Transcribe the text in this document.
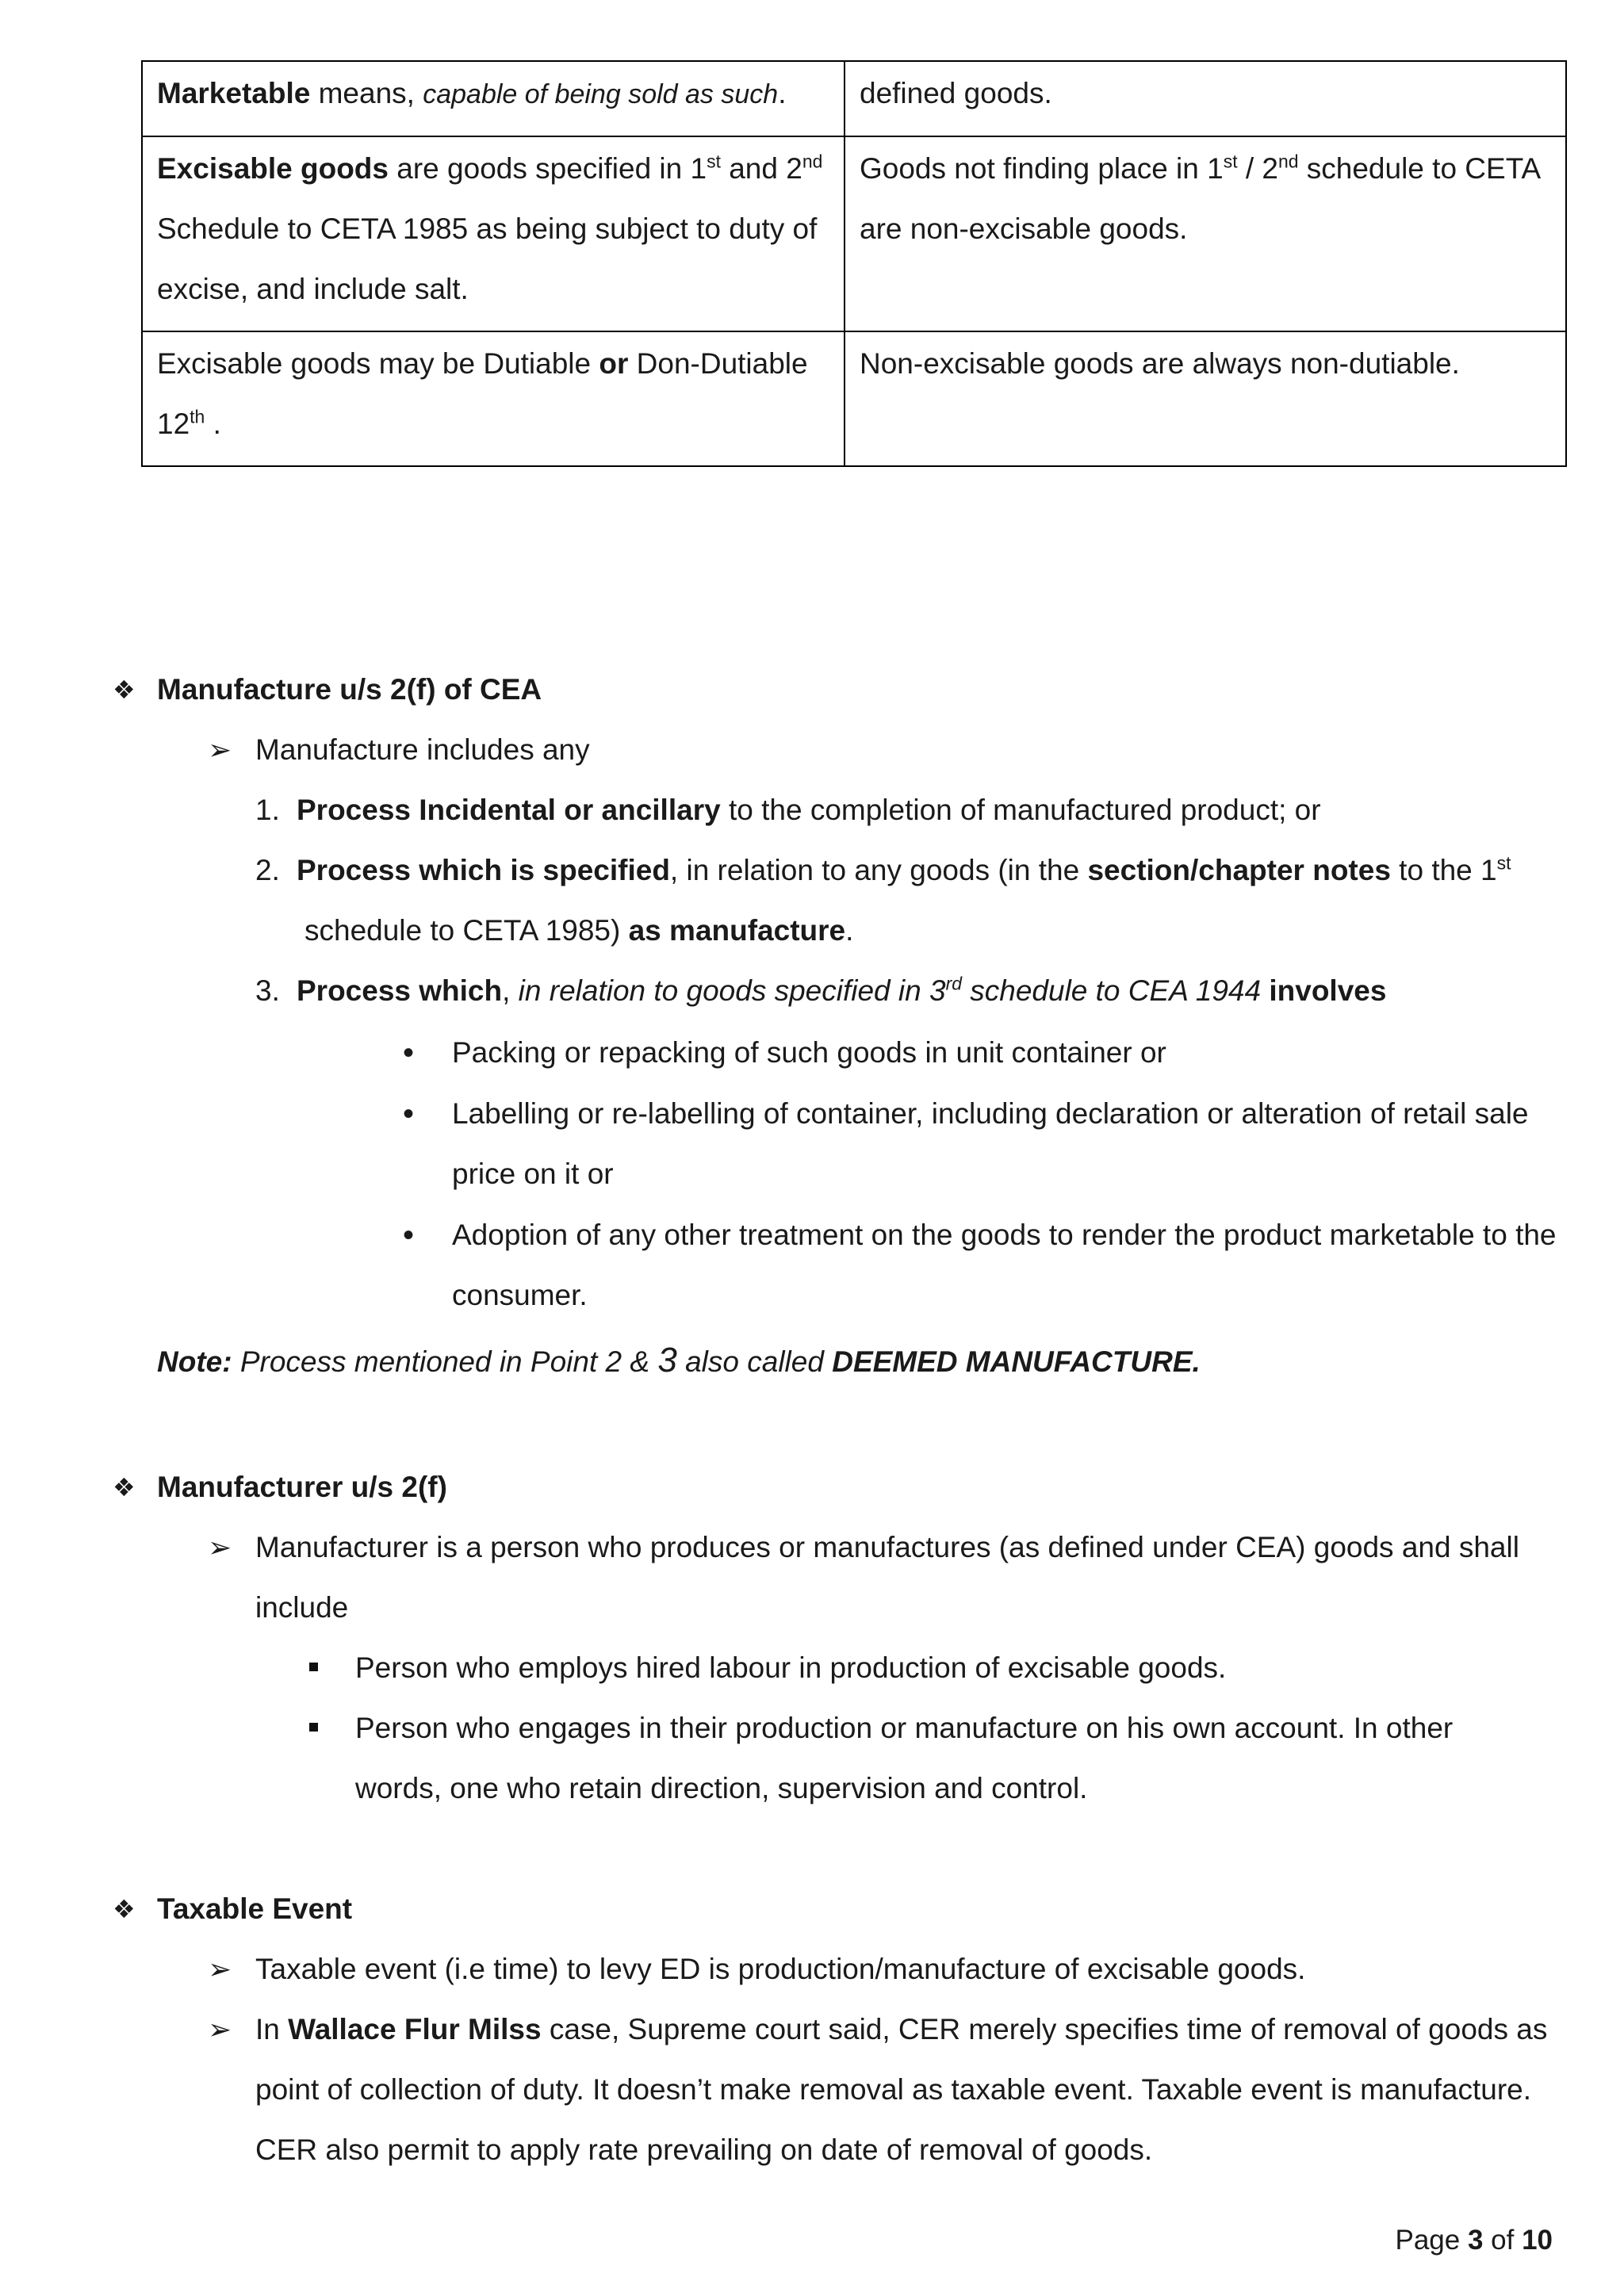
Marketable means, capable of being sold as such.	defined goods.
Excisable goods are goods specified in 1st and 2nd Schedule to CETA 1985 as being subject to duty of excise, and include salt.	Goods not finding place in 1st / 2nd schedule to CETA are non-excisable goods.
Excisable goods may be Dutiable or Don-Dutiable 12th .	Non-excisable goods are always non-dutiable.
❖ Manufacture u/s 2(f) of CEA
➢ Manufacture includes any
1. Process Incidental or ancillary to the completion of manufactured product; or
2. Process which is specified, in relation to any goods (in the section/chapter notes to the 1st
schedule to CETA 1985) as manufacture.
3. Process which, in relation to goods specified in 3rd schedule to CEA 1944 involves
• Packing or repacking of such goods in unit container or
• Labelling or re-labelling of container, including declaration or alteration of retail sale price on it or
• Adoption of any other treatment on the goods to render the product marketable to the consumer.
Note: Process mentioned in Point 2 & 3 also called DEEMED MANUFACTURE.
❖ Manufacturer u/s 2(f)
➢ Manufacturer is a person who produces or manufactures (as defined under CEA) goods and shall include
Person who employs hired labour in production of excisable goods.
Person who engages in their production or manufacture on his own account. In other words, one who retain direction, supervision and control.
❖ Taxable Event
➢ Taxable event (i.e time) to levy ED is production/manufacture of excisable goods.
➢ In Wallace Flur Milss case, Supreme court said, CER merely specifies time of removal of goods as point of collection of duty. It doesn’t make removal as taxable event. Taxable event is manufacture. CER also permit to apply rate prevailing on date of removal of goods.
Page 3 of 10
